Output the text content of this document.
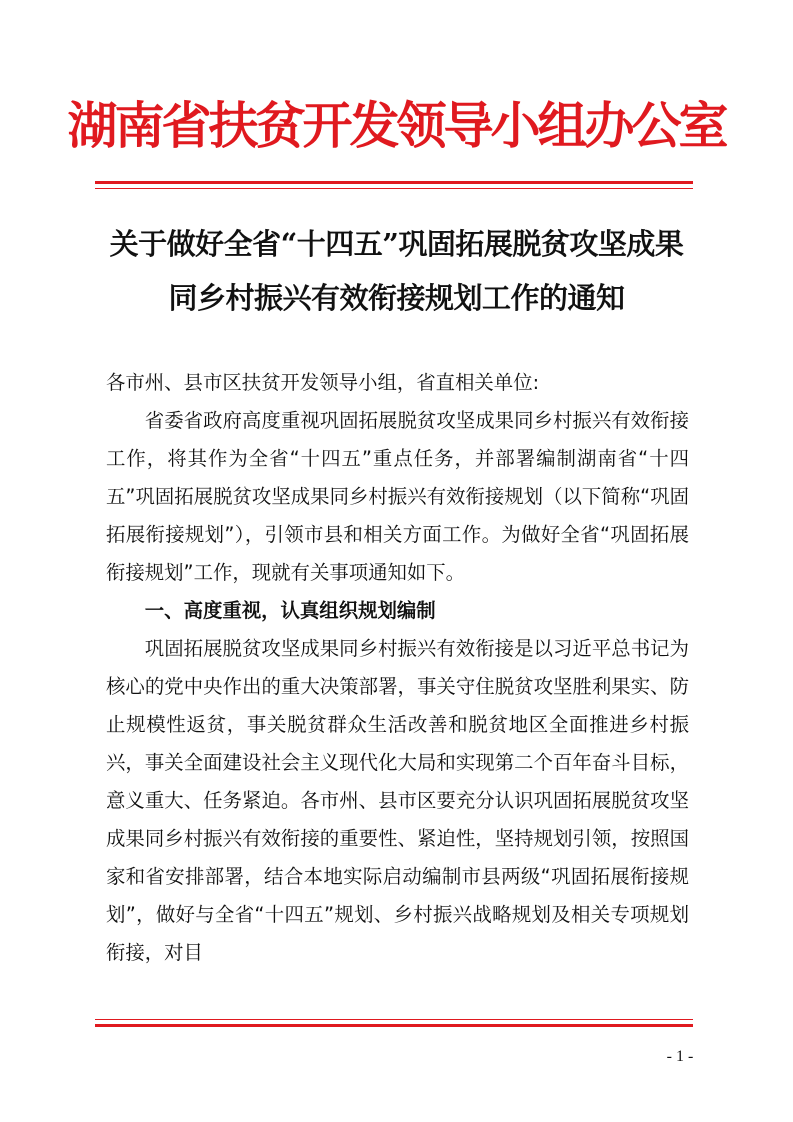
湖南省扶贫开发领导小组办公室
关于做好全省“十四五”巩固拓展脱贫攻坚成果
同乡村振兴有效衔接规划工作的通知

各市州、县市区扶贫开发领导小组，省直相关单位:

省委省政府高度重视巩固拓展脱贫攻坚成果同乡村振兴有效衔接工作，将其作为全省“十四五”重点任务，并部署编制湖南省“十四五”巩固拓展脱贫攻坚成果同乡村振兴有效衔接规划（以下简称“巩固拓展衔接规划”），引领市县和相关方面工作。为做好全省“巩固拓展衔接规划”工作，现就有关事项通知如下。

一、高度重视，认真组织规划编制

巩固拓展脱贫攻坚成果同乡村振兴有效衔接是以习近平总书记为核心的党中央作出的重大决策部署，事关守住脱贫攻坚胜利果实、防止规模性返贫，事关脱贫群众生活改善和脱贫地区全面推进乡村振兴，事关全面建设社会主义现代化大局和实现第二个百年奋斗目标，意义重大、任务紧迫。各市州、县市区要充分认识巩固拓展脱贫攻坚成果同乡村振兴有效衔接的重要性、紧迫性，坚持规划引领，按照国家和省安排部署，结合本地实际启动编制市县两级“巩固拓展衔接规划”，做好与全省“十四五”规划、乡村振兴战略规划及相关专项规划衔接，对目

- 1 -
